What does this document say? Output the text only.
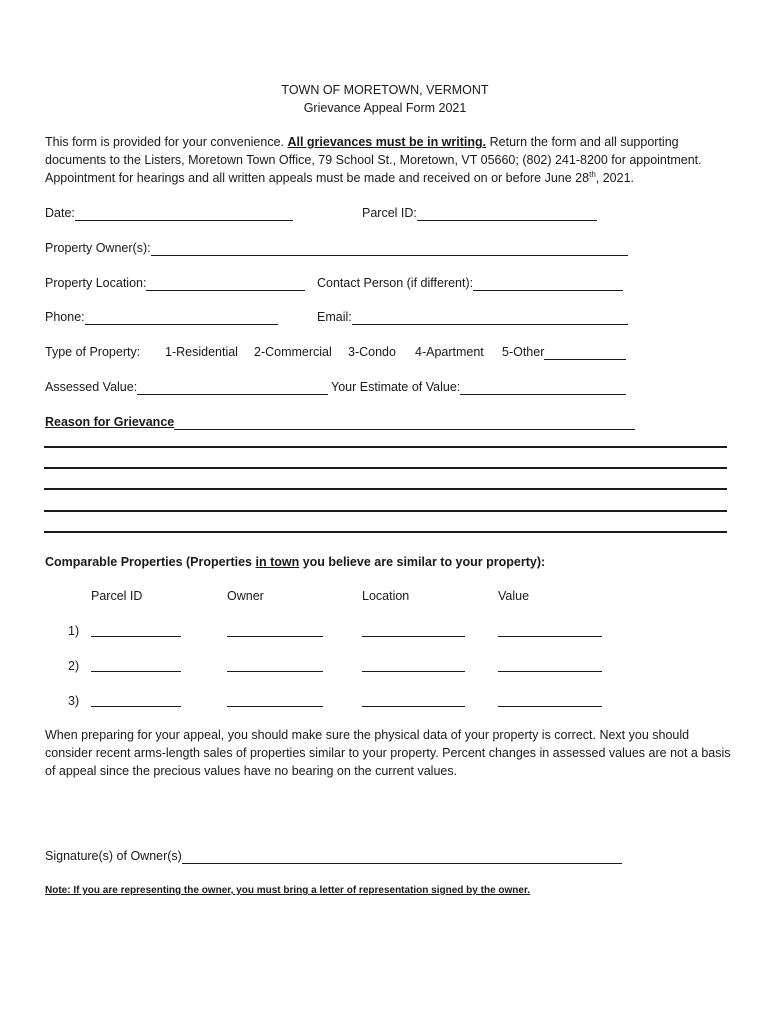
TOWN OF MORETOWN, VERMONT
Grievance Appeal Form 2021
This form is provided for your convenience. All grievances must be in writing. Return the form and all supporting
documents to the Listers, Moretown Town Office, 79 School St., Moretown, VT 05660; (802) 241-8200 for appointment.
Appointment for hearings and all written appeals must be made and received on or before June 28th, 2021.
Date:	Parcel ID:
Property Owner(s):
Property Location:	Contact Person (if different):
Phone:	Email:
Type of Property: 1-Residential 2-Commercial 3-Condo 4-Apartment 5-Other
Assessed Value:	Your Estimate of Value:
Reason for Grievance
Comparable Properties (Properties in town you believe are similar to your property):
Parcel ID	Owner	Location	Value
1)
2)
3)
When preparing for your appeal, you should make sure the physical data of your property is correct. Next you should consider recent arms-length sales of properties similar to your property. Percent changes in assessed values are not a basis of appeal since the precious values have no bearing on the current values.
Signature(s) of Owner(s)
Note: If you are representing the owner, you must bring a letter of representation signed by the owner.
